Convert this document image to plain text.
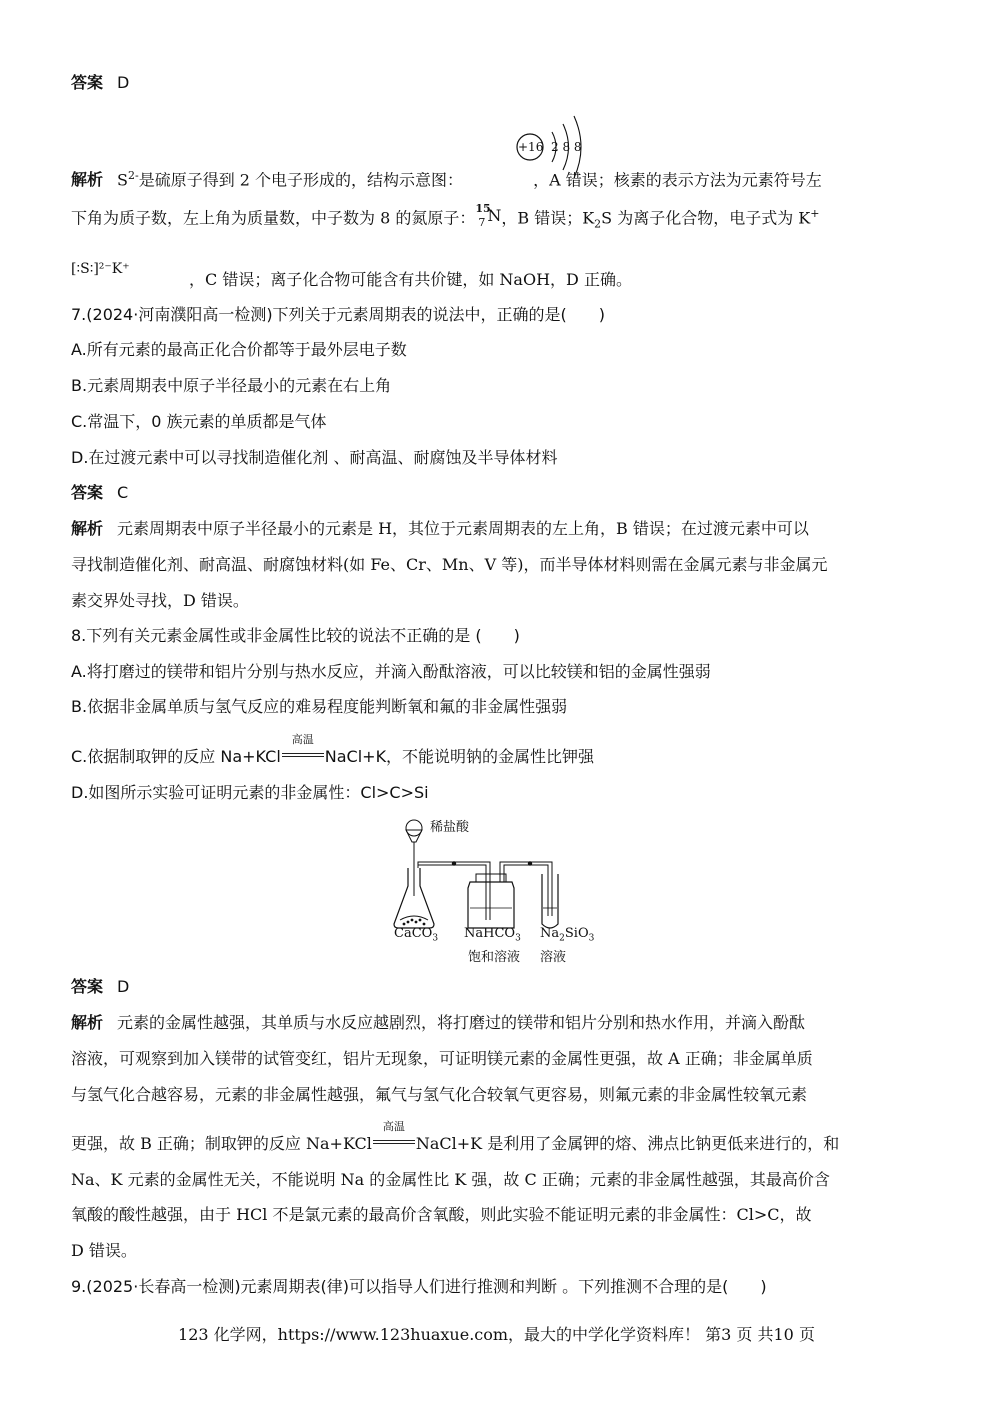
答案 D
+16 2 8 8
解析 $S^{2-}$是硫原子得到 2 个电子形成的，结构示意图：	，A 错误；核素的表示方法为元素符号左
下角为质子数，左上角为质量数，中子数为 8 的氮原子： 15
7 N ，B 错误；$K_2S$ 为离子化合物，电子式为 K+
[∶S∶]²⁻K⁺，C 错误；离子化合物可能含有共价键，如 NaOH，D 正确。
7.(2024·河南濮阳高一检测)下列关于元素周期表的说法中，正确的是(　　)
A.所有元素的最高正化合价都等于最外层电子数
B.元素周期表中原子半径最小的元素在右上角
C.常温下，0 族元素的单质都是气体
D.在过渡元素中可以寻找制造催化剂 、耐高温、耐腐蚀及半导体材料
答案 C
解析 元素周期表中原子半径最小的元素是 H，其位于元素周期表的左上角，B 错误；在过渡元素中可以
寻找制造催化剂、耐高温、耐腐蚀材料(如 Fe、Cr、Mn、V 等)，而半导体材料则需在金属元素与非金属元
素交界处寻找，D 错误。
8.下列有关元素金属性或非金属性比较的说法不正确的是 (　　)
A.将打磨过的镁带和铝片分别与热水反应，并滴入酚酞溶液，可以比较镁和铝的金属性强弱
B.依据非金属单质与氢气反应的难易程度能判断氧和氟的非金属性强弱
C.依据制取钾的反应 Na+KCl
高温
NaCl+K，不能说明钠的金属性比钾强
D.如图所示实验可证明元素的非金属性：Cl>C>Si
稀盐酸
CaCO$_3$ NaHCO$_3$
饱和溶液
$Na_2SiO_3$
溶液
答案 D
解析 元素的金属性越强，其单质与水反应越剧烈，将打磨过的镁带和铝片分别和热水作用，并滴入酚酞
溶液，可观察到加入镁带的试管变红，铝片无现象，可证明镁元素的金属性更强，故 A 正确；非金属单质
与氢气化合越容易，元素的非金属性越强，氟气与氢气化合较氧气更容易，则氟元素的非金属性较氧元素
更强，故 B 正确；制取钾的反应 Na+KCl
高温
NaCl+K 是利用了金属钾的熔、沸点比钠更低来进行的，和
Na、K 元素的金属性无关，不能说明 Na 的金属性比 K 强，故 C 正确；元素的非金属性越强，其最高价含
氧酸的酸性越强，由于 HCl 不是氯元素的最高价含氧酸，则此实验不能证明元素的非金属性：Cl>C，故
D 错误。
9.(2025·长春高一检测)元素周期表(律)可以指导人们进行推测和判断 。下列推测不合理的是(　　)
123 化学网，https://www.123huaxue.com，最大的中学化学资料库！ 第3 页 共10 页
